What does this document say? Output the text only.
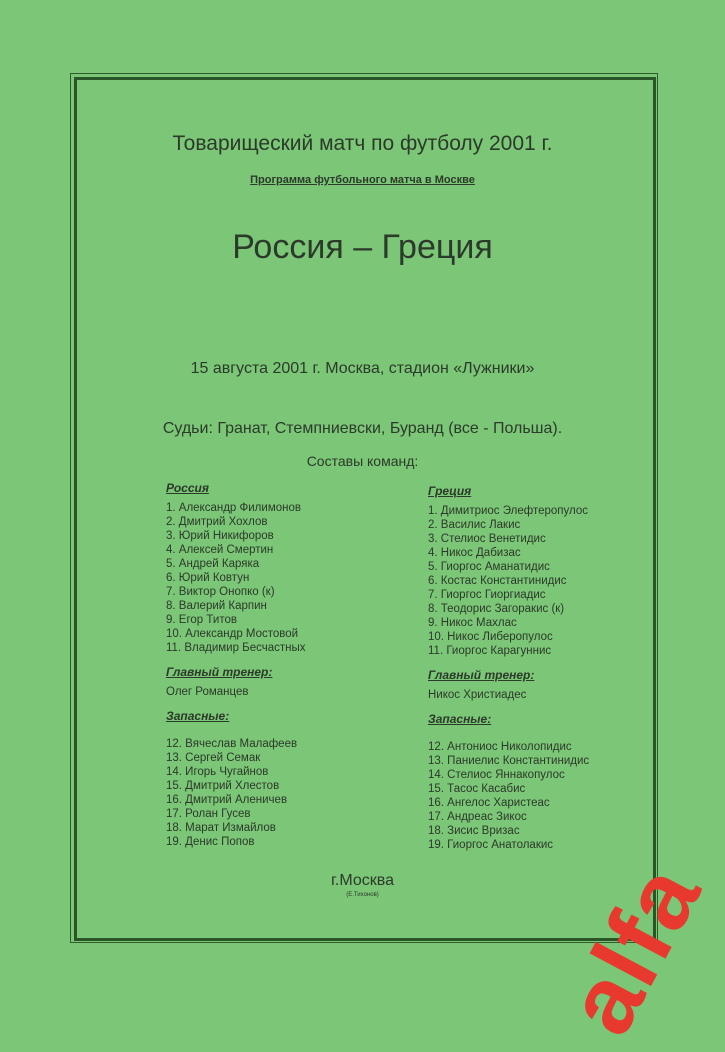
Товарищеский матч по футболу 2001 г.
Программа футбольного матча в Москве
Россия – Греция
15 августа 2001 г. Москва, стадион «Лужники»
Судьи: Гранат, Стемпниевски, Буранд (все - Польша).
Составы команд:
Россия
1. Александр Филимонов
2. Дмитрий Хохлов
3. Юрий Никифоров
4. Алексей Смертин
5. Андрей Каряка
6. Юрий Ковтун
7. Виктор Онопко (к)
8. Валерий Карпин
9. Егор Титов
10. Александр Мостовой
11. Владимир Бесчастных
Главный тренер:
Олег Романцев
Запасные:
12. Вячеслав Малафеев
13. Сергей Семак
14. Игорь Чугайнов
15. Дмитрий Хлестов
16. Дмитрий Аленичев
17. Ролан Гусев
18. Марат Измайлов
19. Денис Попов
Греция
1. Димитриос Элефтеропулос
2. Василис Лакис
3. Стелиос Венетидис
4. Никос Дабизас
5. Гиоргос Аманатидис
6. Костас Константинидис
7. Гиоргос Гиоргиадис
8. Теодорис Загоракис (к)
9. Никос Махлас
10. Никос Либеропулос
11. Гиоргос Карагуннис
Главный тренер:
Никос Христиадес
Запасные:
12. Антониос Николопидис
13. Паниелис Константинидис
14. Стелиос Яннакопулос
15. Тасос Касабис
16. Ангелос Харистеас
17. Андреас Зикос
18. Зисис Вризас
19. Гиоргос Анатолакис
г.Москва
(Е.Тихонов)	alfa
